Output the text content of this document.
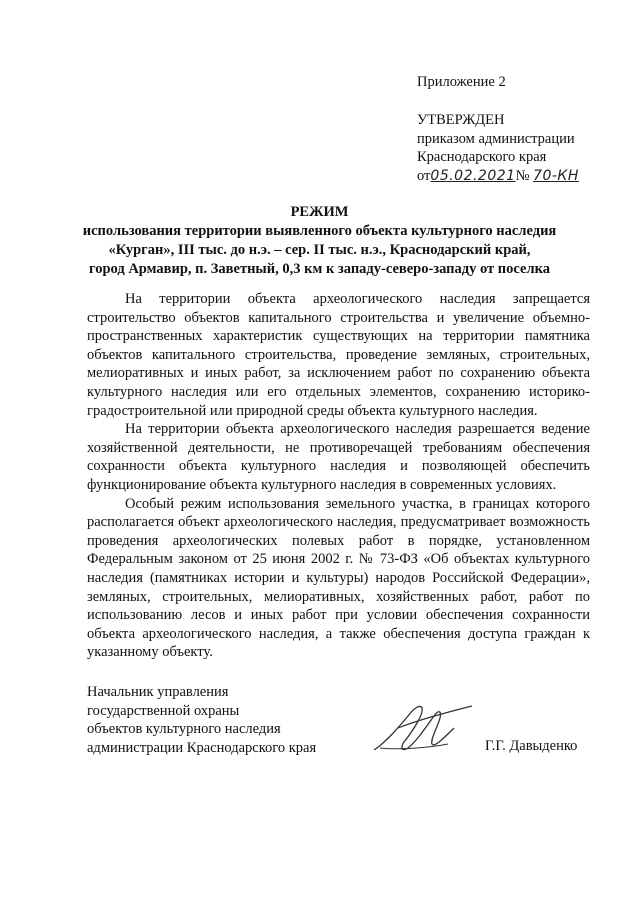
Приложение 2
УТВЕРЖДЕН
приказом администрации
Краснодарского края
от05.02.2021№ 70-КН
РЕЖИМ
использования территории выявленного объекта культурного наследия
«Курган», III тыс. до н.э. – сер. II тыс. н.э., Краснодарский край,
город Армавир, п. Заветный, 0,3 км к западу-северо-западу от поселка

На территории объекта археологического наследия запрещается строительство объектов капитального строительства и увеличение объемно-пространственных характеристик существующих на территории памятника объектов капитального строительства, проведение земляных, строительных, мелиоративных и иных работ, за исключением работ по сохранению объекта культурного наследия или его отдельных элементов, сохранению историко-градостроительной или природной среды объекта культурного наследия.

На территории объекта археологического наследия разрешается ведение хозяйственной деятельности, не противоречащей требованиям обеспечения сохранности объекта культурного наследия и позволяющей обеспечить функционирование объекта культурного наследия в современных условиях.

Особый режим использования земельного участка, в границах которого располагается объект археологического наследия, предусматривает возможность проведения археологических полевых работ в порядке, установленном Федеральным законом от 25 июня 2002 г. № 73-ФЗ «Об объектах культурного наследия (памятниках истории и культуры) народов Российской Федерации», земляных, строительных, мелиоративных, хозяйственных работ, работ по использованию лесов и иных работ при условии обеспечения сохранности объекта археологического наследия, а также обеспечения доступа граждан к указанному объекту.

Начальник управления
государственной охраны
объектов культурного наследия
администрации Краснодарского края	Г.Г. Давыденко
